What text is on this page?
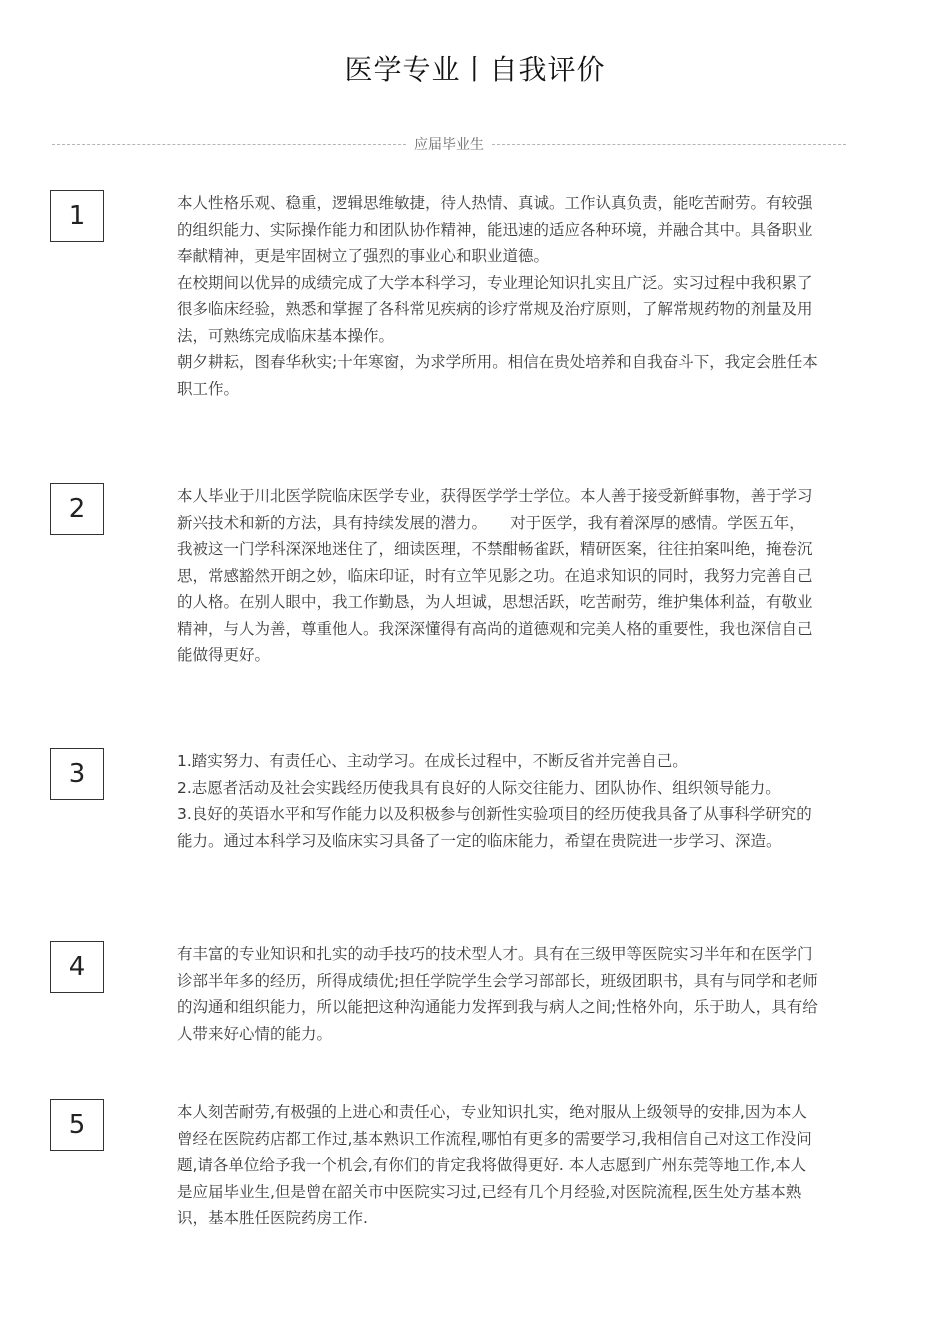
医学专业丨自我评价
应届毕业生
1	本人性格乐观、稳重，逻辑思维敏捷，待人热情、真诚。工作认真负责，能吃苦耐劳。有较强的组织能力、实际操作能力和团队协作精神，能迅速的适应各种环境，并融合其中。具备职业奉献精神，更是牢固树立了强烈的事业心和职业道德。

在校期间以优异的成绩完成了大学本科学习，专业理论知识扎实且广泛。实习过程中我积累了很多临床经验，熟悉和掌握了各科常见疾病的诊疗常规及治疗原则，了解常规药物的剂量及用法，可熟练完成临床基本操作。

朝夕耕耘，图春华秋实;十年寒窗，为求学所用。相信在贵处培养和自我奋斗下，我定会胜任本职工作。

2	本人毕业于川北医学院临床医学专业，获得医学学士学位。本人善于接受新鲜事物，善于学习新兴技术和新的方法，具有持续发展的潜力。　　对于医学，我有着深厚的感情。学医五年，我被这一门学科深深地迷住了，细读医理，不禁酣畅雀跃，精研医案，往往拍案叫绝，掩卷沉思，常感豁然开朗之妙，临床印证，时有立竿见影之功。在追求知识的同时，我努力完善自己的人格。在别人眼中，我工作勤恳，为人坦诚，思想活跃，吃苦耐劳，维护集体利益，有敬业精神，与人为善，尊重他人。我深深懂得有高尚的道德观和完美人格的重要性，我也深信自己能做得更好。

3	1.踏实努力、有责任心、主动学习。在成长过程中，不断反省并完善自己。

2.志愿者活动及社会实践经历使我具有良好的人际交往能力、团队协作、组织领导能力。

3.良好的英语水平和写作能力以及积极参与创新性实验项目的经历使我具备了从事科学研究的能力。通过本科学习及临床实习具备了一定的临床能力，希望在贵院进一步学习、深造。

4	有丰富的专业知识和扎实的动手技巧的技术型人才。具有在三级甲等医院实习半年和在医学门诊部半年多的经历，所得成绩优;担任学院学生会学习部部长，班级团职书，具有与同学和老师的沟通和组织能力，所以能把这种沟通能力发挥到我与病人之间;性格外向，乐于助人，具有给人带来好心情的能力。

5	本人刻苦耐劳,有极强的上进心和责任心，专业知识扎实，绝对服从上级领导的安排,因为本人曾经在医院药店都工作过,基本熟识工作流程,哪怕有更多的需要学习,我相信自己对这工作没问题,请各单位给予我一个机会,有你们的肯定我将做得更好. 本人志愿到广州东莞等地工作,本人是应届毕业生,但是曾在韶关市中医院实习过,已经有几个月经验,对医院流程,医生处方基本熟识，基本胜任医院药房工作.
